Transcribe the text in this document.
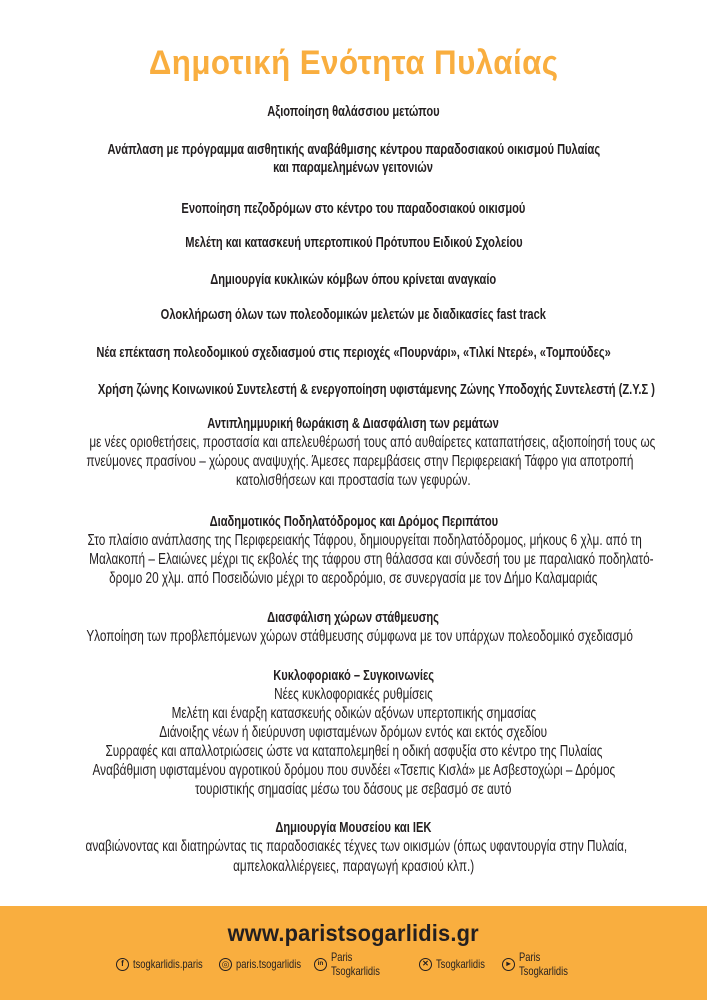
Δημοτική Ενότητα Πυλαίας
Αξιοποίηση θαλάσσιου μετώπου
Ανάπλαση με πρόγραμμα αισθητικής αναβάθμισης κέντρου παραδοσιακού οικισμού Πυλαίας
και παραμελημένων γειτονιών
Ενοποίηση πεζοδρόμων στο κέντρο του παραδοσιακού οικισμού
Μελέτη και κατασκευή υπερτοπικού Πρότυπου Ειδικού Σχολείου
Δημιουργία κυκλικών κόμβων όπου κρίνεται αναγκαίο
Ολοκλήρωση όλων των πολεοδομικών μελετών με διαδικασίες fast track
Νέα επέκταση πολεοδομικού σχεδιασμού στις περιοχές «Πουρνάρι», «Τιλκί Ντερέ», «Τομπούδες»
Χρήση ζώνης Κοινωνικού Συντελεστή & ενεργοποίηση υφιστάμενης Ζώνης Υποδοχής Συντελεστή (Ζ.Υ.Σ )
Αντιπλημμυρική θωράκιση & Διασφάλιση των ρεμάτων
με νέες οριοθετήσεις, προστασία και απελευθέρωσή τους από αυθαίρετες καταπατήσεις, αξιοποίησή τους ως
πνεύμονες πρασίνου – χώρους αναψυχής. Άμεσες παρεμβάσεις στην Περιφερειακή Τάφρο για αποτροπή
κατολισθήσεων και προστασία των γεφυρών.
Διαδημοτικός Ποδηλατόδρομος και Δρόμος Περιπάτου
Στο πλαίσιο ανάπλασης της Περιφερειακής Τάφρου, δημιουργείται ποδηλατόδρομος, μήκους 6 χλμ. από τη
Μαλακοπή – Ελαιώνες μέχρι τις εκβολές της τάφρου στη θάλασσα και σύνδεσή του με παραλιακό ποδηλατό-
δρομο 20 χλμ. από Ποσειδώνιο μέχρι το αεροδρόμιο, σε συνεργασία με τον Δήμο Καλαμαριάς
Διασφάλιση χώρων στάθμευσης
Υλοποίηση των προβλεπόμενων χώρων στάθμευσης σύμφωνα με τον υπάρχων πολεοδομικό σχεδιασμό
Κυκλοφοριακό – Συγκοινωνίες
Νέες κυκλοφοριακές ρυθμίσεις
Μελέτη και έναρξη κατασκευής οδικών αξόνων υπερτοπικής σημασίας
Διάνοιξης νέων ή διεύρυνση υφισταμένων δρόμων εντός και εκτός σχεδίου
Συρραφές και απαλλοτριώσεις ώστε να καταπολεμηθεί η οδική ασφυξία στο κέντρο της Πυλαίας
Αναβάθμιση υφισταμένου αγροτικού δρόμου που συνδέει «Τσεπις Κισλά» με Ασβεστοχώρι – Δρόμος
τουριστικής σημασίας μέσω του δάσους με σεβασμό σε αυτό
Δημιουργία Μουσείου και ΙΕΚ
αναβιώνοντας και διατηρώντας τις παραδοσιακές τέχνες των οικισμών (όπως υφαντουργία στην Πυλαία,
αμπελοκαλλιέργειες, παραγωγή κρασιού κλπ.)
www.paristsogarlidis.gr
f tsogkarlidis.paris ◎ paris.tsogarlidis	in Paris Tsogkarlidis
✕ Tsogkarlidis	▸ Paris Tsogkarlidis
